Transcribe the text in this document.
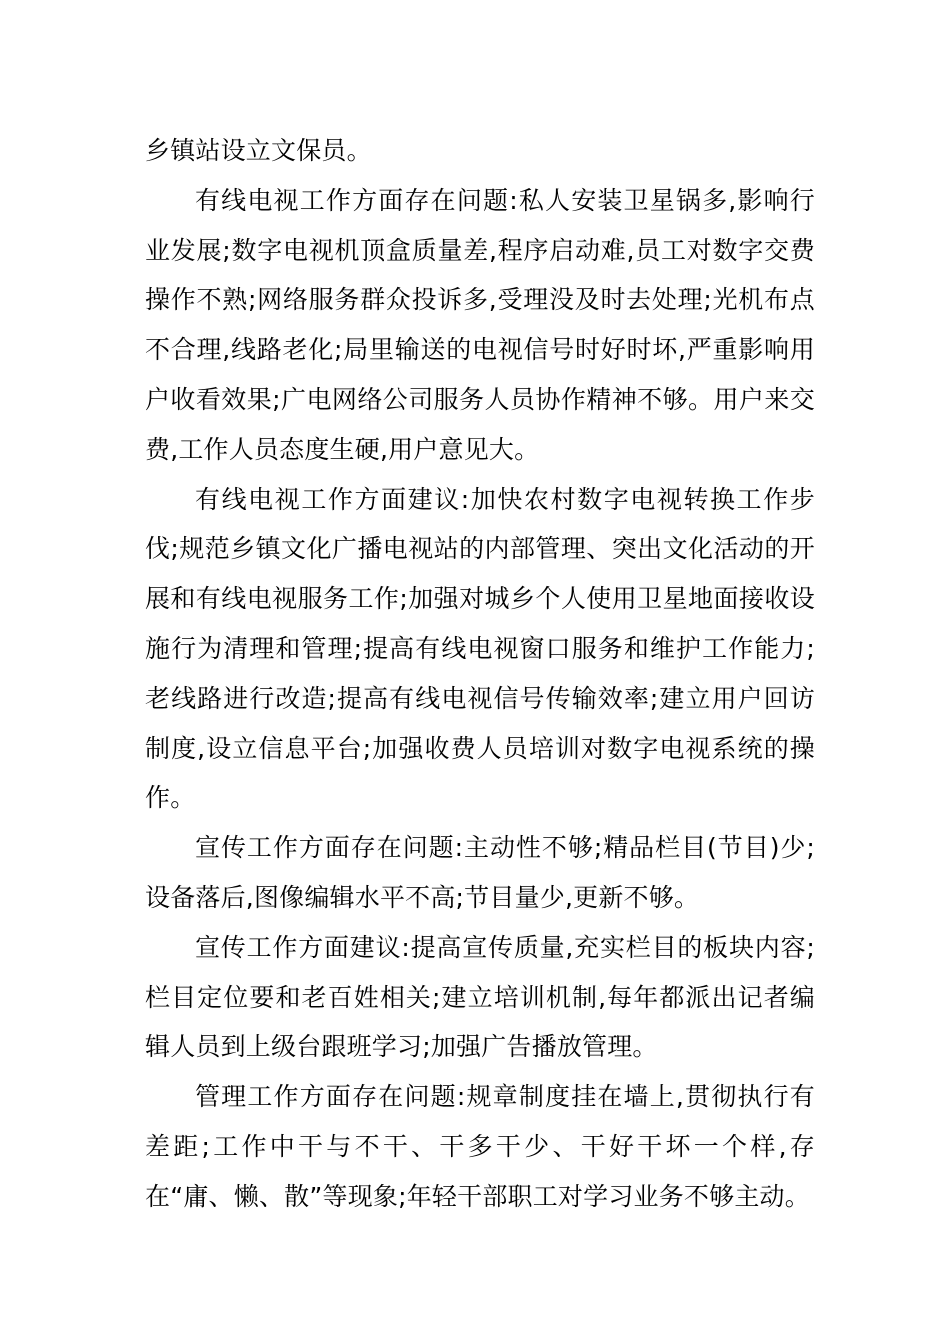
乡镇站设立文保员。

有线电视工作方面存在问题:私人安装卫星锅多,影响行业发展;数字电视机顶盒质量差,程序启动难,员工对数字交费操作不熟;网络服务群众投诉多,受理没及时去处理;光机布点不合理,线路老化;局里输送的电视信号时好时坏,严重影响用户收看效果;广电网络公司服务人员协作精神不够。用户来交费,工作人员态度生硬,用户意见大。

有线电视工作方面建议:加快农村数字电视转换工作步伐;规范乡镇文化广播电视站的内部管理、突出文化活动的开展和有线电视服务工作;加强对城乡个人使用卫星地面接收设施行为清理和管理;提高有线电视窗口服务和维护工作能力;老线路进行改造;提高有线电视信号传输效率;建立用户回访制度,设立信息平台;加强收费人员培训对数字电视系统的操作。

宣传工作方面存在问题:主动性不够;精品栏目(节目)少;设备落后,图像编辑水平不高;节目量少,更新不够。

宣传工作方面建议:提高宣传质量,充实栏目的板块内容;栏目定位要和老百姓相关;建立培训机制,每年都派出记者编辑人员到上级台跟班学习;加强广告播放管理。

管理工作方面存在问题:规章制度挂在墙上,贯彻执行有差距;工作中干与不干、干多干少、干好干坏一个样,存在“庸、懒、散”等现象;年轻干部职工对学习业务不够主动。
